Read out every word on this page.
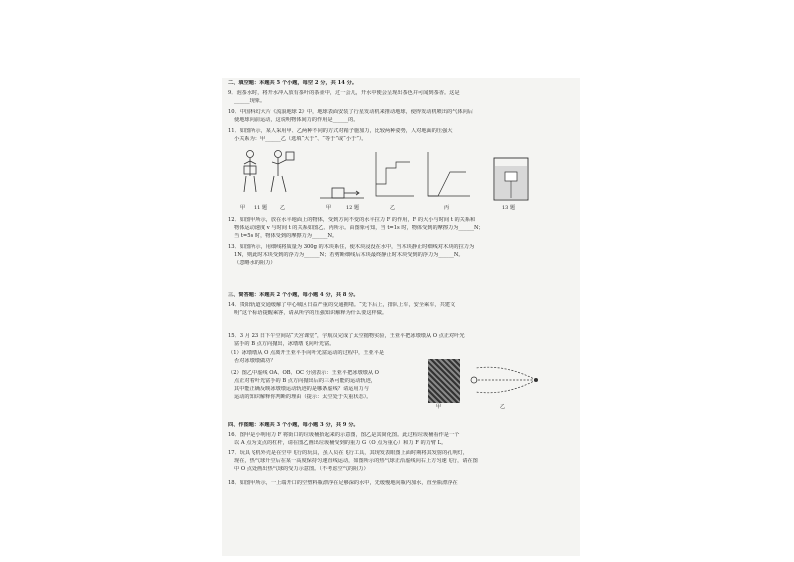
二、填空题：本题共 5 个小题，每空 2 分，共 14 分。

9．泡茶水时，将开水冲入放有茶叶的茶壶中，过一会儿，开水中便会呈现出茶色并可闻到茶香。这是

______现象。

10．中国科幻大片《流浪地球 2》中，地球表面安装了行星发动机来推动地球，使得发动机喷出的气体向后

使地球向前运动，这说明物体间力的作用是______的。

11．如图所示，某人采用甲、乙两种不同的方式对箱子施加力，比较两种姿势，人对地面的压强大

小关系为：甲______乙（选填“大于”、“等于”或“小于”）。

甲 11 题	乙	甲	12 题	乙	丙	13 题

12．如图甲所示，放在水平地面上的物体，受到方向不变的水平拉力 F 的作用，F 的大小与时间 t 的关系和

物体运动速度 v 与时间 t 的关系如图乙、丙所示。由图象可知，当 t=1s 时，物体受到的摩擦力为______N；

当 t=5s 时，物体受到的摩擦力为______N。

13．如图所示，用细线将质量为 300g 的木块系住，使木块浸没在水中，当木块静止时细线对木块的拉力为

1N，则此时木块受到的浮力为______N；若剪断细线后木块最终静止时木块受到的浮力为______N。

（忽略水的阻力）

三、简答题：本题共 2 个小题，每小题 4 分，共 8 分。

14．贵阳轨道交通缓解了中心城区日益严重的交通拥堵。“先下后上，排队上车，安全乘车，共建文

明”这个标语提醒乘客，请从所学的压强知识解释为什么要这样做。

15．3 月 23 日下午空间站“天宫课堂”，宇航员完成了太空抛物实验，王亚平把冰墩墩从 O 点正对叶光

富手的 B 点方向抛出，冰墩墩飞向叶光富。

（1）冰墩墩从 O 点离开王亚平手向叶光富运动的过程中，王亚平是

否对冰墩墩做功？

（2）图乙中虚线 OA、OB、OC 分别表示：王亚平把冰墩墩从 O

点正对着叶光富手的 B 点方向抛出后的三条可能的运动轨迹，

其中能正确反映冰墩墩运动轨迹的是哪条虚线？请运用力与

运动的知识解释你判断的理由（提示：太空处于失重状态）。

甲	乙

四、作图题：本题共 3 个小题，每小题 3 分，共 9 分。

16．图甲是小明用力 F 将街口的垃圾桶抬起来的示意图，图乙是其简化图。此过程垃圾桶看作是一个

以 A 点为支点的杠杆，请在图乙画出垃圾桶受到的重力 G（O 点为重心）和力 F 的力臂 L。

17．玩具飞机外壳是在空中飞行的玩具，虽人员在飞行工具，其现发表眼图上面时期将其发射的孔明灯，

现在，热气球升空后在某一高度保持匀速直线运动，如图所示的热气球正沿虚线向右上方匀速飞行，请在图

中 O 点处画出热气球的受力示意图。（不考虑空气的阻力）

18．如图甲所示，一上端开口的空塑料瓶漂浮在足够深的水中，先缓慢地向瓶内加水，直至瓶漂浮在
